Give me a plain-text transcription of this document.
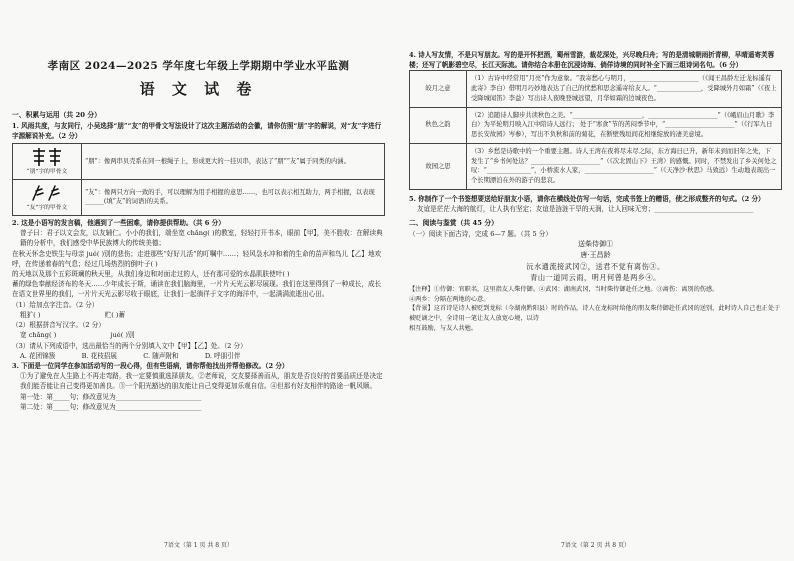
孝南区 2024—2025 学年度七年级上学期期中学业水平监测
语 文 试 卷
一、积累与运用（共 20 分）

1. 风雨共度，与友同行，小吴选择“朋”“友”的甲骨文写法设计了这次主题活动的会徽，请你仿照“朋”字的解说，对“友”字进行字源解说补充。（2 分）

“朋”字的甲骨文	“朋”：像两串贝壳系在同一根绳子上，形成更大的一挂贝串，表达了“朋”“友”属于同类的内涵。

“友”字的甲骨文	“友”：像两只方向一致的手，可以理解为用手相握的意思……，也可以表示相互助力，两手相握，以表现______(填“友”的词语)的关系。

2. 这是小语写的发言稿，他遇到了一些困难，请你提供帮助。（共 6 分）

曾子曰：君子以文会友，以友辅仁。小小的我们，端坐宽 chǎng( )的教室，轻轻打开书本，眼前【甲】，美不胜收：在解读典籍的分析中，我们感受中华民族博大的传统美德；

在秋天怀念史铁生与母亲 jué( )别的悲伤；走进那些“好好儿活”的叮嘱中……；轻风袅水冲和着的生命的苗声和鸟儿【乙】地欢呼，在传递着春的气息；经过几场热烈的倒叶子( )

的天地以及那个五彩斑斓的秋天里，从我们身边和对面走过的人，还有那可爱的水晶肌肤使叶( )

蓄的绿色奉献经济布的冬天……少年成长于斯，诵读在我们脑海里，一片片天光云影尽展现。我们在这里得到了一种成长，成长在语文世界里的我们，一片片天光云影尽收于眼底，让我们一起徜徉于文字的海洋中，一起满满流逝出心田。

（1）给加点字注音。（2 分）

粗犷( )	贮( )蓄

（2）根据拼音写汉字。（2 分）

宽 chǎng( )	jué( )别

（3）请从下列成语中，选出最恰当的两个分别填入文中【甲】【乙】处。（2 分）

A. 花团锦簇	B. 花枝招展	C. 随声附和	D. 呼朋引伴

3. 下面是一位同学在参加活动写的一段心得，但有些语病，请你帮他找出并帮他修改。（2 分）

①为了避免在人生路上不再走弯路，我一定要慎重选择朋友。②老师说，交友要择善而从，朋友是否良好的首要品质还是决定我们能否能让自己变得更加善良。③一个阳光豁达的朋友能让自己变得更加乐观自信。④但那有好友相伴的路途一帆风顺。

第一处：第_____句；修改意见为__________________________

第二处：第_____句；修改意见为__________________________

7语文（第 1 页 共 8 页）

4. 诗人写友情，不是只写朋友。写的是开怀把酒，蜀州雪游，裁花深处，兴尽晚归舟；写的是清城朝雨折青柳，早晴遥寄芙蓉楼；还写了帆影碧空尽，长江天际流。请你结合本册在沉浸诗海、倘佯诗境的同时补全下面三组诗词名句。（6 分）

皎月之意	（1）古诗中经常用“月亮”作为意象。“我寄愁心与明月，______________________（《闻王昌龄左迁龙标遥有此寄》李白）借明月巧妙地表达了自己的忧愁和思念遥寄给友人。“______________，受降城外月如霜”（《夜上受降城闻笛》李益）写出诗人夜晚登城远望，月华如霜的边城夜色。
秋色之韵	（2）追随诗人脚步共读秋色之美。“______________________，______________________”（《峨眉山月歌》李白）为平轮明月映入江中陪诗人远行； 处于“寒食”节的苦闷季节中，“______________________”（《行军九日思长安故园》岑参），写出不负秋和前的菊花，在断壁残垣间花相继绽放的凄美意境。
故园之思	（3）乡愁是诗歌中的一个重要主题。诗人王湾在夜将尽未尽之际，东方海日已升，新年未到而旧年之先，下发生了“乡书何处达？______________________”（《次北固山下》王湾）的感慨。同时，不禁发出了乡关何处之叹：“______________”，小桥流水人家，______________________”（《天净沙·秋思》马致远）生动地表现出一个长期漂泊在外的游子的悲哀。

5. 你制作了一个书签想要送给好朋友小语，请你在横线处仿写一句话，完成书签上的赠语，使之形成整齐的句式。（2 分）

友谊是茫茫大海的航灯，让人执有坚定；友谊是涟涟干旱的天润，让人回味无穷；______________________________

二、阅读与鉴赏（共 45 分）

（一）阅读下面古诗，完成 6—7 题。（共 5 分）

送柴侍御①
唐·王昌龄
沅水通流接武冈②，送君不觉有离伤③。
青山一道同云雨，明月何曾是两乡④。

【注释】①侍御：官职名，这里指友人柴侍御。②武冈：湖南武冈，当时柴侍御赴任之地。③离伤：离别的伤感。

④两乡：分隔在两地的心意。

【背景】这首诗是诗人被贬到龙标（今湖南黔阳县）时的作品，诗人在龙标时给他的朋友柴侍御赴任武冈的送别，此时诗人自己也正处于被贬谪之中，全诗用一笔让友人放宽心境，以诗

相互鼓励，与友人共勉。

7语文（第 2 页 共 8 页）
